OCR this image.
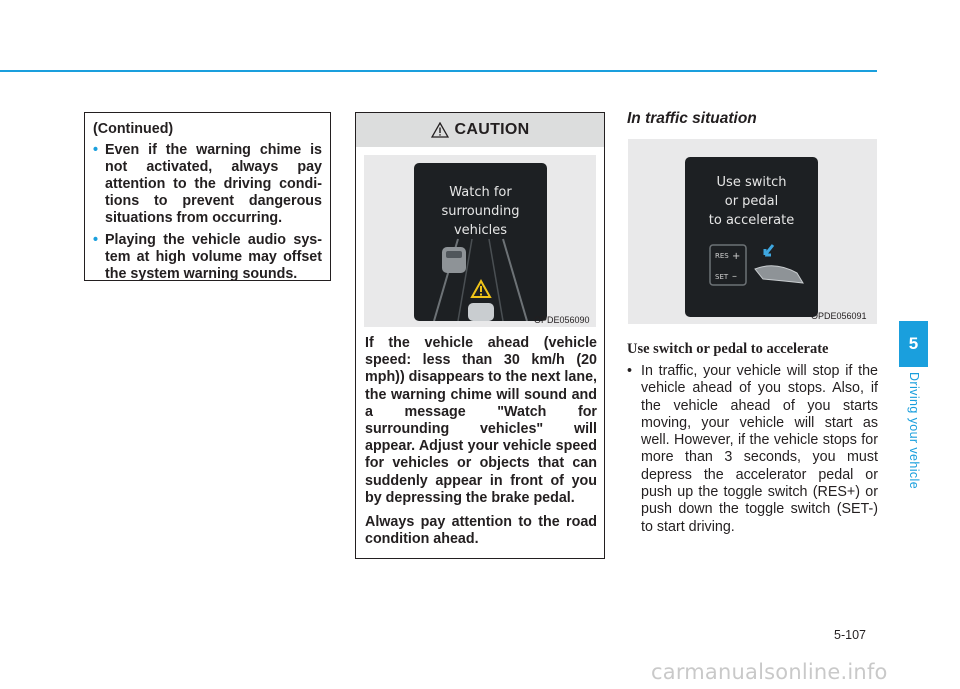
(Continued)
• Even if the warning chime is not activated, always pay attention to the driving condi-tions to prevent dangerous situations from occurring.
• Playing the vehicle audio sys-tem at high volume may offset the system warning sounds.
CAUTION
Watch for
surrounding
vehicles
OPDE056090

If the vehicle ahead (vehicle speed: less than 30 km/h (20 mph)) disappears to the next lane, the warning chime will sound and a message "Watch for surrounding vehicles" will appear. Adjust your vehicle speed for vehicles or objects that can suddenly appear in front of you by depressing the brake pedal.

Always pay attention to the road condition ahead.

In traffic situation
Use switch
or pedal
to accelerate
RES +
SET –
OPDE056091
Use switch or pedal to accelerate
• In traffic, your vehicle will stop if the vehicle ahead of you stops. Also, if the vehicle ahead of you starts moving, your vehicle will start as well. However, if the vehicle stops for more than 3 seconds, you must depress the accelerator pedal or push up the toggle switch (RES+) or push down the toggle switch (SET-) to start driving.
5
Driving your vehicle
5-107
carmanualsonline.info
